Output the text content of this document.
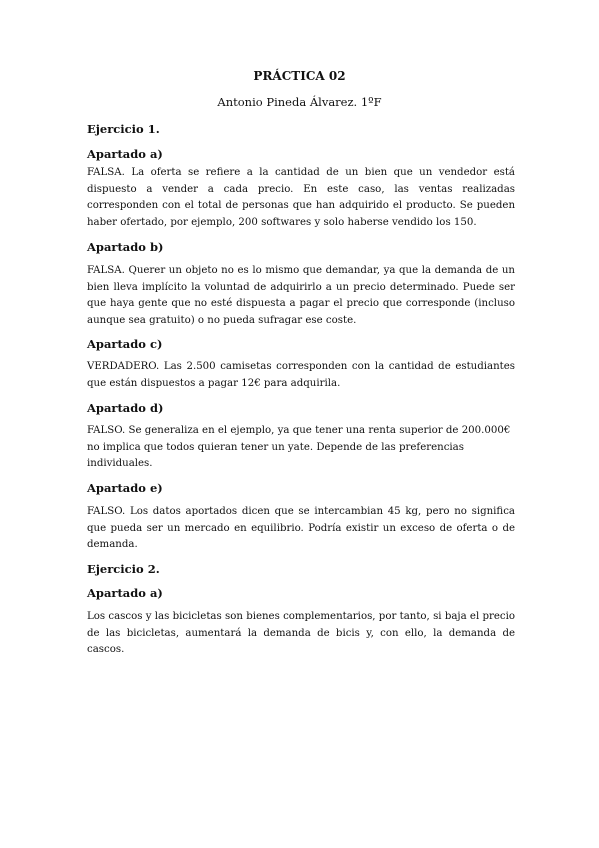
PRÁCTICA 02
Antonio Pineda Álvarez. 1ºF
Ejercicio 1.
Apartado a)
FALSA. La oferta se refiere a la cantidad de un bien que un vendedor está dispuesto a vender a cada precio. En este caso, las ventas realizadas corresponden con el total de personas que han adquirido el producto. Se pueden haber ofertado, por ejemplo, 200 softwares y solo haberse vendido los 150.
Apartado b)
FALSA. Querer un objeto no es lo mismo que demandar, ya que la demanda de un bien lleva implícito la voluntad de adquirirlo a un precio determinado. Puede ser que haya gente que no esté dispuesta a pagar el precio que corresponde (incluso aunque sea gratuito) o no pueda sufragar ese coste.
Apartado c)
VERDADERO. Las 2.500 camisetas corresponden con la cantidad de estudiantes que están dispuestos a pagar 12€ para adquirila.
Apartado d)
FALSO. Se generaliza en el ejemplo, ya que tener una renta superior de 200.000€ no implica que todos quieran tener un yate. Depende de las preferencias individuales.
Apartado e)
FALSO. Los datos aportados dicen que se intercambian 45 kg, pero no significa que pueda ser un mercado en equilibrio. Podría existir un exceso de oferta o de demanda.
Ejercicio 2.
Apartado a)
Los cascos y las bicicletas son bienes complementarios, por tanto, si baja el precio de las bicicletas, aumentará la demanda de bicis y, con ello, la demanda de cascos.
